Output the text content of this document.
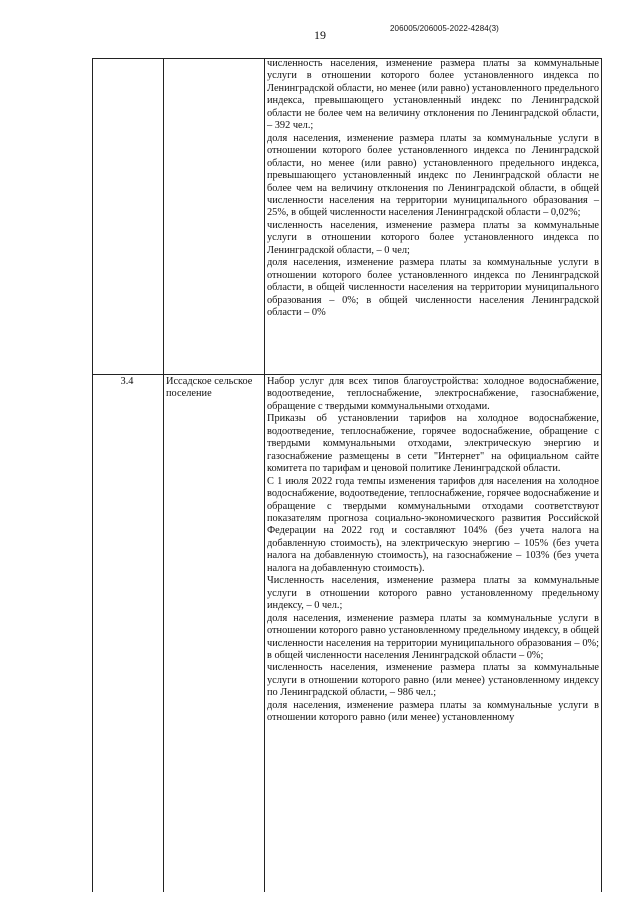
19	206005/206005-2022-4284(3)

численность населения, изменение размера платы за коммунальные услуги в отношении которого более установленного индекса по Ленинградской области, но менее (или равно) установленного предельного индекса, превышающего установленный индекс по Ленинградской области не более чем на величину отклонения по Ленинградской области, – 392 чел.;

доля населения, изменение размера платы за коммунальные услуги в отношении которого более установленного индекса по Ленинградской области, но менее (или равно) установленного предельного индекса, превышающего установленный индекс по Ленинградской области не более чем на величину отклонения по Ленинградской области, в общей численности населения на территории муниципального образования – 25%, в общей численности населения Ленинградской области – 0,02%;

численность населения, изменение размера платы за коммунальные услуги в отношении которого более установленного индекса по Ленинградской области, – 0 чел;

доля населения, изменение размера платы за коммунальные услуги в отношении которого более установленного индекса по Ленинградской области, в общей численности населения на территории муниципального образования – 0%; в общей численности населения Ленинградской области – 0%

3.4	Иссадское сельское поселение

Набор услуг для всех типов благоустройства: холодное водоснабжение, водоотведение, теплоснабжение, электроснабжение, газоснабжение, обращение с твердыми коммунальными отходами.

Приказы об установлении тарифов на холодное водоснабжение, водоотведение, теплоснабжение, горячее водоснабжение, обращение с твердыми коммунальными отходами, электрическую энергию и газоснабжение размещены в сети "Интернет" на официальном сайте комитета по тарифам и ценовой политике Ленинградской области.

С 1 июля 2022 года темпы изменения тарифов для населения на холодное водоснабжение, водоотведение, теплоснабжение, горячее водоснабжение и обращение с твердыми коммунальными отходами соответствуют показателям прогноза социально-экономического развития Российской Федерации на 2022 год и составляют 104% (без учета налога на добавленную стоимость), на электрическую энергию – 105% (без учета налога на добавленную стоимость), на газоснабжение – 103% (без учета налога на добавленную стоимость).

Численность населения, изменение размера платы за коммунальные услуги в отношении которого равно установленному предельному индексу, – 0 чел.;

доля населения, изменение размера платы за коммунальные услуги в отношении которого равно установленному предельному индексу, в общей численности населения на территории муниципального образования – 0%; в общей численности населения Ленинградской области – 0%;

численность населения, изменение размера платы за коммунальные услуги в отношении которого равно (или менее) установленному индексу по Ленинградской области, – 986 чел.;

доля населения, изменение размера платы за коммунальные услуги в отношении которого равно (или менее) установленному
